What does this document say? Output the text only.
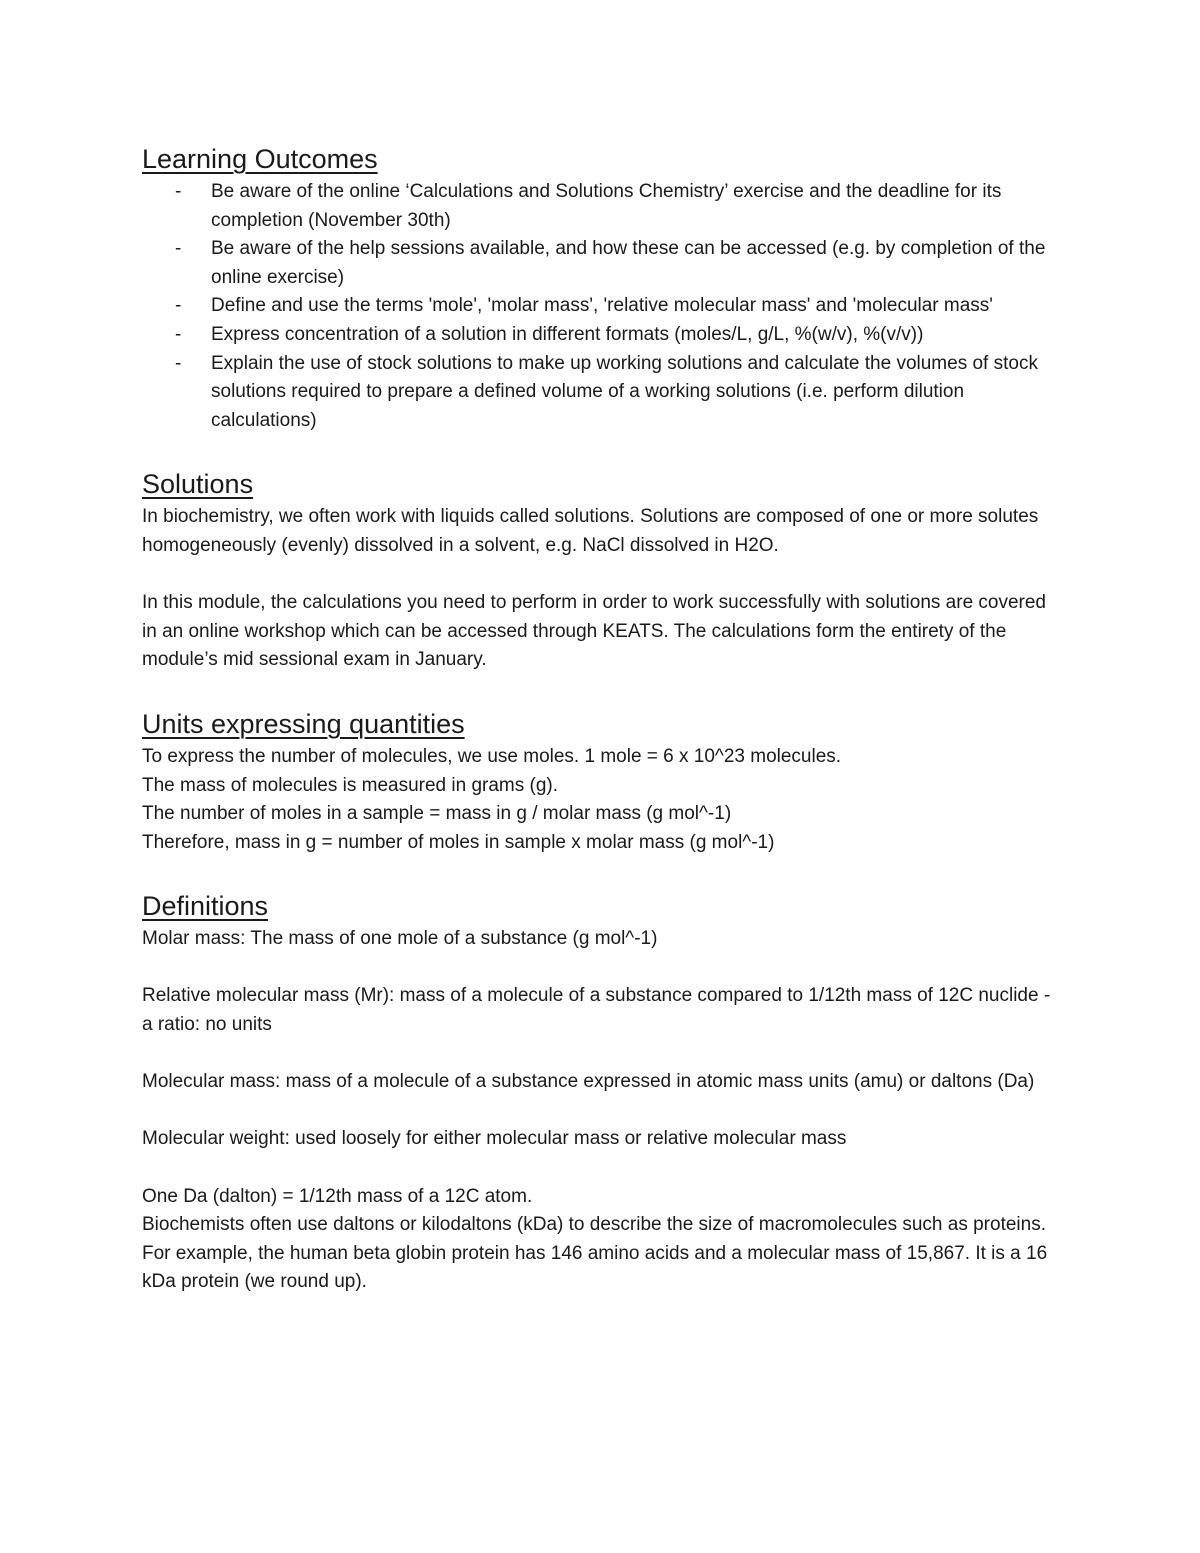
Learning Outcomes
- Be aware of the online ‘Calculations and Solutions Chemistry’ exercise and the deadline for its completion (November 30th)
- Be aware of the help sessions available, and how these can be accessed (e.g. by completion of the online exercise)
- Define and use the terms 'mole', 'molar mass', 'relative molecular mass' and 'molecular mass'
- Express concentration of a solution in different formats (moles/L, g/L, %(w/v), %(v/v))
- Explain the use of stock solutions to make up working solutions and calculate the volumes of stock solutions required to prepare a defined volume of a working solutions (i.e. perform dilution calculations)
Solutions

In biochemistry, we often work with liquids called solutions. Solutions are composed of one or more solutes homogeneously (evenly) dissolved in a solvent, e.g. NaCl dissolved in H2O.

In this module, the calculations you need to perform in order to work successfully with solutions are covered in an online workshop which can be accessed through KEATS. The calculations form the entirety of the module’s mid sessional exam in January.

Units expressing quantities

To express the number of molecules, we use moles. 1 mole = 6 x 10^23 molecules.

The mass of molecules is measured in grams (g).

The number of moles in a sample = mass in g / molar mass (g mol^-1)

Therefore, mass in g = number of moles in sample x molar mass (g mol^-1)

Definitions

Molar mass: The mass of one mole of a substance (g mol^-1)

Relative molecular mass (Mr): mass of a molecule of a substance compared to 1/12th mass of 12C nuclide - a ratio: no units

Molecular mass: mass of a molecule of a substance expressed in atomic mass units (amu) or daltons (Da)

Molecular weight: used loosely for either molecular mass or relative molecular mass

One Da (dalton) = 1/12th mass of a 12C atom.

Biochemists often use daltons or kilodaltons (kDa) to describe the size of macromolecules such as proteins. For example, the human beta globin protein has 146 amino acids and a molecular mass of 15,867. It is a 16 kDa protein (we round up).
